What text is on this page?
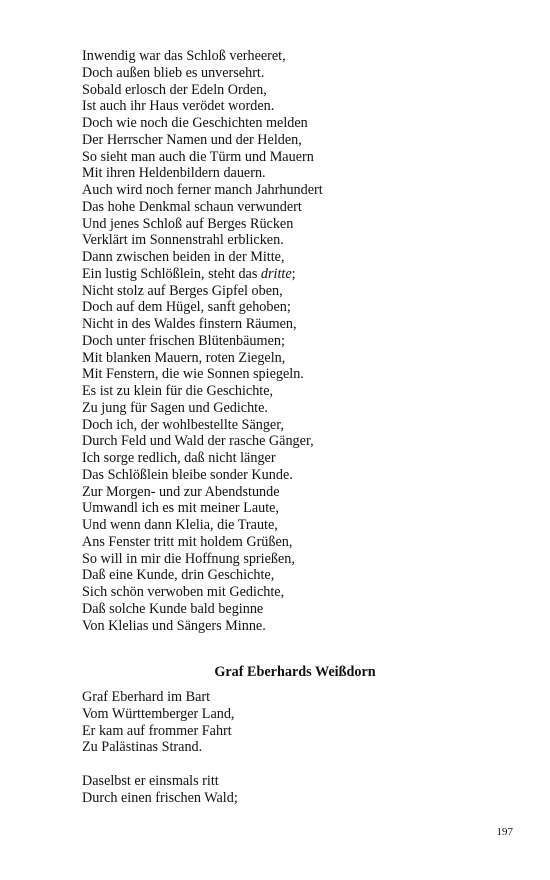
Inwendig war das Schloß verheeret,
Doch außen blieb es unversehrt.
Sobald erlosch der Edeln Orden,
Ist auch ihr Haus verödet worden.
Doch wie noch die Geschichten melden
Der Herrscher Namen und der Helden,
So sieht man auch die Türm und Mauern
Mit ihren Heldenbildern dauern.
Auch wird noch ferner manch Jahrhundert
Das hohe Denkmal schaun verwundert
Und jenes Schloß auf Berges Rücken
Verklärt im Sonnenstrahl erblicken.
Dann zwischen beiden in der Mitte,
Ein lustig Schlößlein, steht das dritte;
Nicht stolz auf Berges Gipfel oben,
Doch auf dem Hügel, sanft gehoben;
Nicht in des Waldes finstern Räumen,
Doch unter frischen Blütenbäumen;
Mit blanken Mauern, roten Ziegeln,
Mit Fenstern, die wie Sonnen spiegeln.
Es ist zu klein für die Geschichte,
Zu jung für Sagen und Gedichte.
Doch ich, der wohlbestellte Sänger,
Durch Feld und Wald der rasche Gänger,
Ich sorge redlich, daß nicht länger
Das Schlößlein bleibe sonder Kunde.
Zur Morgen- und zur Abendstunde
Umwandl ich es mit meiner Laute,
Und wenn dann Klelia, die Traute,
Ans Fenster tritt mit holdem Grüßen,
So will in mir die Hoffnung sprießen,
Daß eine Kunde, drin Geschichte,
Sich schön verwoben mit Gedichte,
Daß solche Kunde bald beginne
Von Klelias und Sängers Minne.
Graf Eberhards Weißdorn
Graf Eberhard im Bart
Vom Württemberger Land,
Er kam auf frommer Fahrt
Zu Palästinas Strand.
Daselbst er einsmals ritt
Durch einen frischen Wald;
197
